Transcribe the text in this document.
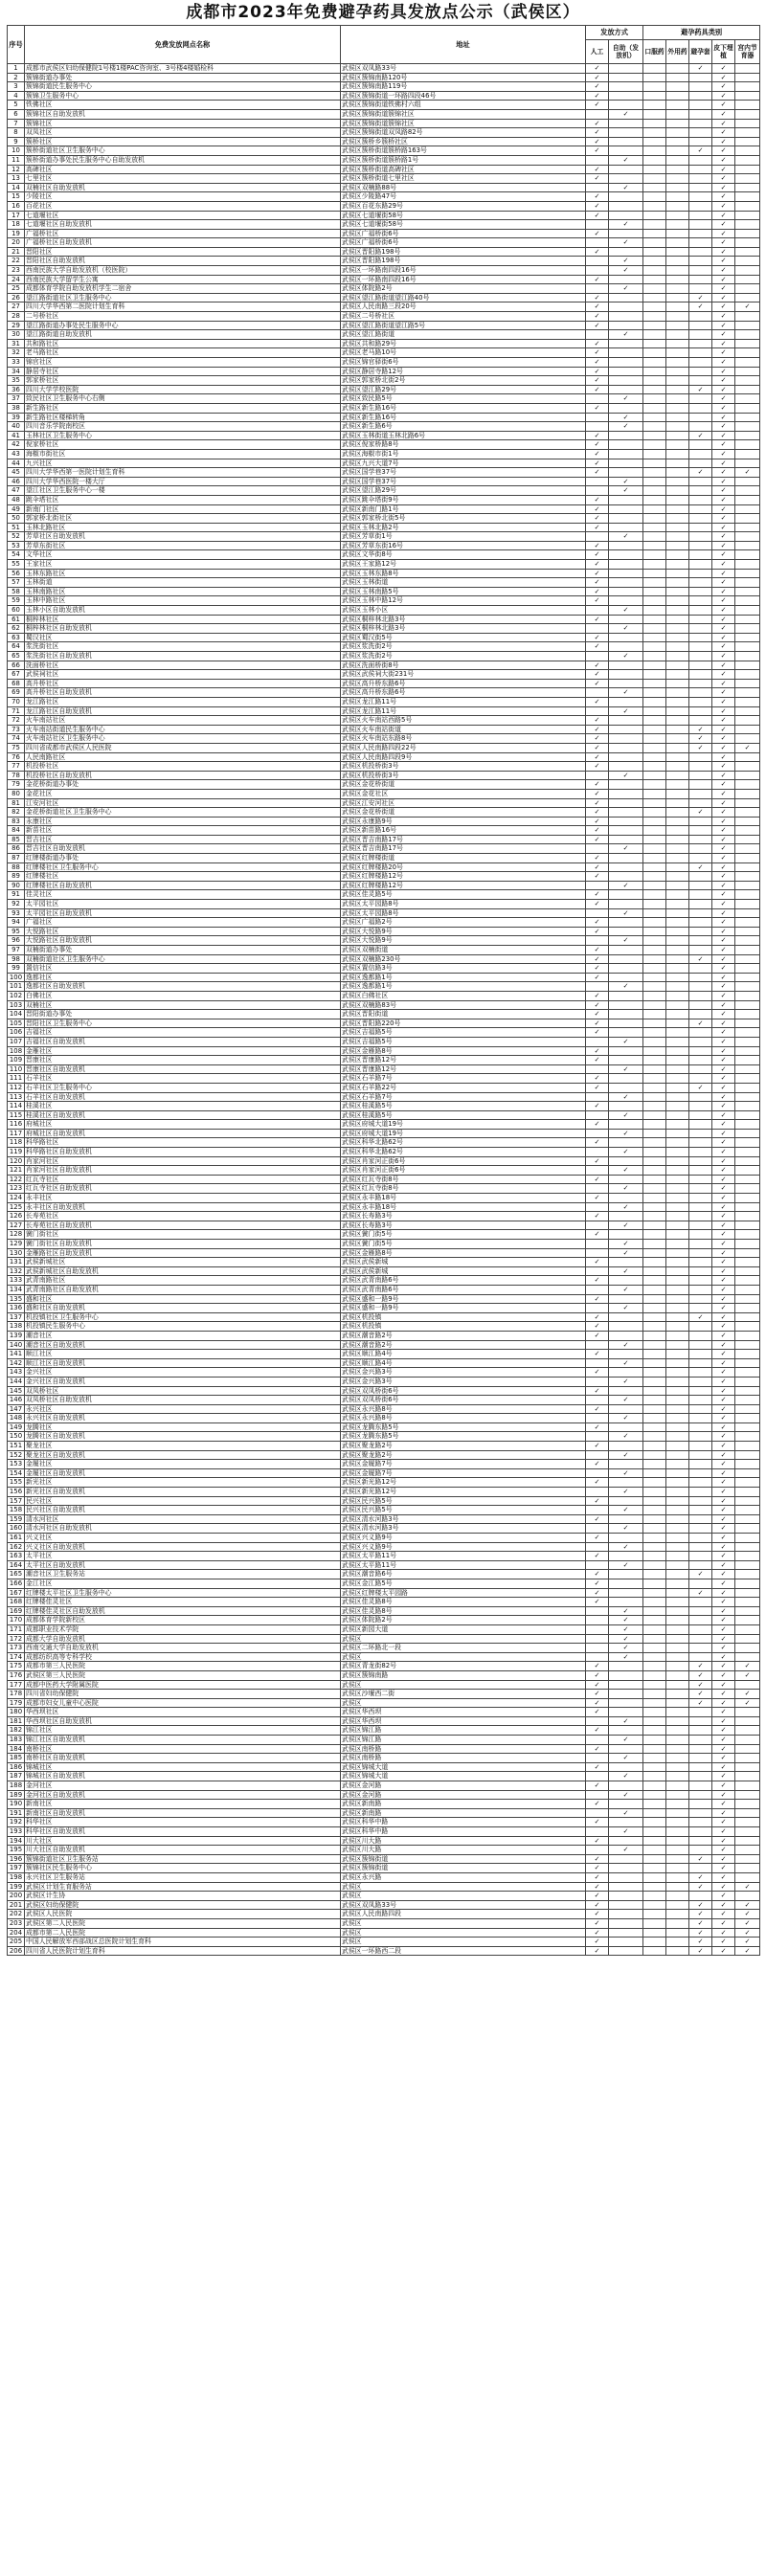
成都市2023年免费避孕药具发放点公示（武侯区）
序号	免费发放网点名称	地址	发放方式		避孕药具类别				
			人工	自助（发放机）	口服药	外用药	避孕套	皮下埋植	宫内节育器
1	成都市武侯区妇幼保健院1号楼1楼PAC咨询室、3号楼4楼婚检科	武侯区双凤路33号	✓				✓	✓	
2	簇锦街道办事处	武侯区簇锦南路120号	✓					✓	
3	簇锦街道民生服务中心	武侯区簇锦南路119号	✓					✓	
4	簇锦卫生服务中心	武侯区簇锦街道一环路四段46号	✓					✓	
5	铁佛社区	武侯区簇锦街道铁佛村六组	✓					✓	
6	簇锦社区自助发放机	武侯区簇锦街道簇锦社区		✓				✓	
7	簇锦社区	武侯区簇锦街道簇锦社区	✓					✓	
8	双凤社区	武侯区簇锦街道双凤路82号	✓					✓	
9	簇桥社区	武侯区簇桥乡簇桥社区	✓					✓	
10	簇桥街道社区卫生服务中心	武侯区簇桥街道簇桥路163号	✓				✓	✓	
11	簇桥街道办事处民生服务中心自助发放机	武侯区簇桥街道簇桥路1号		✓				✓	
12	高碑社区	武侯区簇桥街道高碑社区	✓					✓	
13	七里社区	武侯区簇桥街道七里社区	✓					✓	
14	双楠社区自助发放机	武侯区双楠路88号		✓				✓	
15	少陵社区	武侯区少陵路47号	✓					✓	
16	百花社区	武侯区百花东路29号	✓					✓	
17	七道堰社区	武侯区七道堰街58号	✓					✓	
18	七道堰社区自助发放机	武侯区七道堰街58号		✓				✓	
19	广福桥社区	武侯区广福桥街6号	✓					✓	
20	广福桥社区自助发放机	武侯区广福桥街6号		✓				✓	
21	晋阳社区	武侯区晋阳路198号	✓					✓	
22	晋阳社区自助发放机	武侯区晋阳路198号		✓				✓	
23	西南民族大学自助发放机（校医院）	武侯区一环路南四段16号		✓				✓	
24	西南民族大学留学生公寓	武侯区一环路南四段16号	✓					✓	
25	成都体育学院自助发放机学生二宿舍	武侯区体院路2号		✓				✓	
26	望江路街道社区卫生服务中心	武侯区望江路街道望江路40号	✓				✓	✓	
27	四川大学华西第二医院计划生育科	武侯区人民南路三段20号	✓				✓	✓	✓
28	二号桥社区	武侯区二号桥社区	✓					✓	
29	望江路街道办事处民生服务中心	武侯区望江路街道望江路5号	✓					✓	
30	望江路街道自助发放机	武侯区望江路街道		✓				✓	
31	共和路社区	武侯区共和路29号	✓					✓	
32	老马路社区	武侯区老马路10号	✓					✓	
33	锦官社区	武侯区锦官驿街6号	✓					✓	
34	静居寺社区	武侯区静居寺路12号	✓					✓	
35	郭家桥社区	武侯区郭家桥北街2号	✓					✓	
36	四川大学学校医院	武侯区望江路29号	✓				✓	✓	
37	致民社区卫生服务中心右侧	武侯区致民路5号		✓				✓	
38	新生路社区	武侯区新生路16号	✓					✓	
39	新生路社区楼梯转角	武侯区新生路16号		✓				✓	
40	四川音乐学院南校区	武侯区新生路6号		✓				✓	
41	玉林社区卫生服务中心	武侯区玉林街道玉林北路6号	✓				✓	✓	
42	倪家桥社区	武侯区倪家桥路8号	✓					✓	
43	海椒市街社区	武侯区海椒市街1号	✓					✓	
44	九兴社区	武侯区九兴大道7号	✓					✓	
45	四川大学华西第一医院计划生育科	武侯区国学巷37号	✓				✓	✓	✓
46	四川大学华西医院一楼大厅	武侯区国学巷37号		✓				✓	
47	望江社区卫生服务中心一楼	武侯区望江路29号		✓				✓	
48	跳伞塔社区	武侯区跳伞塔街9号	✓					✓	
49	新南门社区	武侯区新南门路1号	✓					✓	
50	郭家桥北街社区	武侯区郭家桥北街5号	✓					✓	
51	玉林北路社区	武侯区玉林北路2号	✓					✓	
52	芳草社区自助发放机	武侯区芳草街1号		✓				✓	
53	芳草东街社区	武侯区芳草东街16号	✓					✓	
54	文华社区	武侯区文华街8号	✓					✓	
55	王家社区	武侯区王家路12号	✓					✓	
56	玉林东路社区	武侯区玉林东路8号	✓					✓	
57	玉林街道	武侯区玉林街道	✓					✓	
58	玉林南路社区	武侯区玉林南路5号	✓					✓	
59	玉林中路社区	武侯区玉林中路12号	✓					✓	
60	玉林小区自助发放机	武侯区玉林小区		✓				✓	
61	桐梓林社区	武侯区桐梓林北路3号	✓					✓	
62	桐梓林社区自助发放机	武侯区桐梓林北路3号		✓				✓	
63	蜀汉社区	武侯区蜀汉街5号	✓					✓	
64	浆洗街社区	武侯区浆洗街2号	✓					✓	
65	浆洗街社区自助发放机	武侯区浆洗街2号		✓				✓	
66	洗面桥社区	武侯区洗面桥街8号	✓					✓	
67	武侯祠社区	武侯区武侯祠大街231号	✓					✓	
68	高升桥社区	武侯区高升桥东路6号	✓					✓	
69	高升桥社区自助发放机	武侯区高升桥东路6号		✓				✓	
70	龙江路社区	武侯区龙江路11号	✓					✓	
71	龙江路社区自助发放机	武侯区龙江路11号		✓				✓	
72	火车南站社区	武侯区火车南站西路5号	✓					✓	
73	火车南站街道民生服务中心	武侯区火车南站街道	✓				✓	✓	
74	火车南站社区卫生服务中心	武侯区火车南站东路8号	✓				✓	✓	
75	四川省成都市武侯区人民医院	武侯区人民南路四段22号	✓				✓	✓	✓
76	人民南路社区	武侯区人民南路四段9号	✓					✓	
77	机投桥社区	武侯区机投桥街3号	✓					✓	
78	机投桥社区自助发放机	武侯区机投桥街3号		✓				✓	
79	金花桥街道办事处	武侯区金花桥街道	✓					✓	
80	金花社区	武侯区金花社区	✓					✓	
81	江安河社区	武侯区江安河社区	✓					✓	
82	金花桥街道社区卫生服务中心	武侯区金花桥街道	✓				✓	✓	
83	永康社区	武侯区永康路9号	✓					✓	
84	新苗社区	武侯区新苗路16号	✓					✓	
85	晋吉社区	武侯区晋吉南路17号	✓					✓	
86	晋吉社区自助发放机	武侯区晋吉南路17号		✓				✓	
87	红牌楼街道办事处	武侯区红牌楼街道	✓					✓	
88	红牌楼社区卫生服务中心	武侯区红牌楼路20号	✓				✓	✓	
89	红牌楼社区	武侯区红牌楼路12号	✓					✓	
90	红牌楼社区自助发放机	武侯区红牌楼路12号		✓				✓	
91	佳灵社区	武侯区佳灵路5号	✓					✓	
92	太平园社区	武侯区太平园路8号	✓					✓	
93	太平园社区自助发放机	武侯区太平园路8号		✓				✓	
94	广福社区	武侯区广福路2号	✓					✓	
95	大悦路社区	武侯区大悦路9号	✓					✓	
96	大悦路社区自助发放机	武侯区大悦路9号		✓				✓	
97	双楠街道办事处	武侯区双楠街道	✓					✓	
98	双楠街道社区卫生服务中心	武侯区双楠路230号	✓				✓	✓	
99	置信社区	武侯区置信路3号	✓					✓	
100	逸都社区	武侯区逸都路1号	✓					✓	
101	逸都社区自助发放机	武侯区逸都路1号		✓				✓	
102	白佛社区	武侯区白佛社区	✓					✓	
103	双楠社区	武侯区双楠路83号	✓					✓	
104	晋阳街道办事处	武侯区晋阳街道	✓					✓	
105	晋阳社区卫生服务中心	武侯区晋阳路220号	✓				✓	✓	
106	吉福社区	武侯区吉福路5号	✓					✓	
107	吉福社区自助发放机	武侯区吉福路5号		✓				✓	
108	金雁社区	武侯区金雁路8号	✓					✓	
109	晋康社区	武侯区晋康路12号	✓					✓	
110	晋康社区自助发放机	武侯区晋康路12号		✓				✓	
111	石羊社区	武侯区石羊路7号	✓					✓	
112	石羊社区卫生服务中心	武侯区石羊路22号	✓				✓	✓	
113	石羊社区自助发放机	武侯区石羊路7号		✓				✓	
114	桂溪社区	武侯区桂溪路5号	✓					✓	
115	桂溪社区自助发放机	武侯区桂溪路5号		✓				✓	
116	府城社区	武侯区府城大道19号	✓					✓	
117	府城社区自助发放机	武侯区府城大道19号		✓				✓	
118	科华路社区	武侯区科华北路62号	✓					✓	
119	科华路社区自助发放机	武侯区科华北路62号		✓				✓	
120	肖家河社区	武侯区肖家河正街6号	✓					✓	
121	肖家河社区自助发放机	武侯区肖家河正街6号		✓				✓	
122	红瓦寺社区	武侯区红瓦寺街8号	✓					✓	
123	红瓦寺社区自助发放机	武侯区红瓦寺街8号		✓				✓	
124	永丰社区	武侯区永丰路18号	✓					✓	
125	永丰社区自助发放机	武侯区永丰路18号		✓				✓	
126	长寿苑社区	武侯区长寿路3号	✓					✓	
127	长寿苑社区自助发放机	武侯区长寿路3号		✓				✓	
128	黉门街社区	武侯区黉门街5号	✓					✓	
129	黉门街社区自助发放机	武侯区黉门街5号		✓				✓	
130	金雁路社区自助发放机	武侯区金雁路8号		✓				✓	
131	武侯新城社区	武侯区武侯新城	✓					✓	
132	武侯新城社区自助发放机	武侯区武侯新城		✓				✓	
133	武青南路社区	武侯区武青南路6号	✓					✓	
134	武青南路社区自助发放机	武侯区武青南路6号		✓				✓	
135	盛和社区	武侯区盛和一路9号	✓					✓	
136	盛和社区自助发放机	武侯区盛和一路9号		✓				✓	
137	机投镇社区卫生服务中心	武侯区机投镇	✓				✓	✓	
138	机投镇民生服务中心	武侯区机投镇	✓					✓	
139	潮音社区	武侯区潮音路2号	✓					✓	
140	潮音社区自助发放机	武侯区潮音路2号		✓				✓	
141	顺江社区	武侯区顺江路4号	✓					✓	
142	顺江社区自助发放机	武侯区顺江路4号		✓				✓	
143	金兴社区	武侯区金兴路3号	✓					✓	
144	金兴社区自助发放机	武侯区金兴路3号		✓				✓	
145	双凤桥社区	武侯区双凤桥街6号	✓					✓	
146	双凤桥社区自助发放机	武侯区双凤桥街6号		✓				✓	
147	永兴社区	武侯区永兴路8号	✓					✓	
148	永兴社区自助发放机	武侯区永兴路8号		✓				✓	
149	龙腾社区	武侯区龙腾东路5号	✓					✓	
150	龙腾社区自助发放机	武侯区龙腾东路5号		✓				✓	
151	聚龙社区	武侯区聚龙路2号	✓					✓	
152	聚龙社区自助发放机	武侯区聚龙路2号		✓				✓	
153	金履社区	武侯区金履路7号	✓					✓	
154	金履社区自助发放机	武侯区金履路7号		✓				✓	
155	新光社区	武侯区新光路12号	✓					✓	
156	新光社区自助发放机	武侯区新光路12号		✓				✓	
157	民兴社区	武侯区民兴路5号	✓					✓	
158	民兴社区自助发放机	武侯区民兴路5号		✓				✓	
159	清水河社区	武侯区清水河路3号	✓					✓	
160	清水河社区自助发放机	武侯区清水河路3号		✓				✓	
161	兴义社区	武侯区兴义路9号	✓					✓	
162	兴义社区自助发放机	武侯区兴义路9号		✓				✓	
163	太平社区	武侯区太平路11号	✓					✓	
164	太平社区自助发放机	武侯区太平路11号		✓				✓	
165	潮音社区卫生服务站	武侯区潮音路6号	✓				✓	✓	
166	金江社区	武侯区金江路5号	✓					✓	
167	红牌楼太平社区卫生服务中心	武侯区红牌楼太平园路	✓				✓	✓	
168	红牌楼佳灵社区	武侯区佳灵路8号	✓					✓	
169	红牌楼佳灵社区自助发放机	武侯区佳灵路8号		✓				✓	
170	成都体育学院新校区	武侯区体院路2号		✓				✓	
171	成都职业技术学院	武侯区新园大道		✓				✓	
172	成都大学自助发放机	武侯区		✓				✓	
173	西南交通大学自助发放机	武侯区二环路北一段		✓				✓	
174	成都纺织高等专科学校	武侯区		✓				✓	
175	成都市第三人民医院	武侯区青龙街82号	✓				✓	✓	✓
176	武侯区第三人民医院	武侯区簇锦南路	✓				✓	✓	✓
177	成都中医药大学附属医院	武侯区	✓				✓	✓	
178	四川省妇幼保健院	武侯区沙堰西二街	✓				✓	✓	✓
179	成都市妇女儿童中心医院	武侯区	✓				✓	✓	✓
180	华西坝社区	武侯区华西坝	✓					✓	
181	华西坝社区自助发放机	武侯区华西坝		✓				✓	
182	锦江社区	武侯区锦江路	✓					✓	
183	锦江社区自助发放机	武侯区锦江路		✓				✓	
184	南桥社区	武侯区南桥路	✓					✓	
185	南桥社区自助发放机	武侯区南桥路		✓				✓	
186	锦城社区	武侯区锦城大道	✓					✓	
187	锦城社区自助发放机	武侯区锦城大道		✓				✓	
188	金河社区	武侯区金河路	✓					✓	
189	金河社区自助发放机	武侯区金河路		✓				✓	
190	新南社区	武侯区新南路	✓					✓	
191	新南社区自助发放机	武侯区新南路		✓				✓	
192	科华社区	武侯区科华中路	✓					✓	
193	科华社区自助发放机	武侯区科华中路		✓				✓	
194	川大社区	武侯区川大路	✓					✓	
195	川大社区自助发放机	武侯区川大路		✓				✓	
196	簇锦街道社区卫生服务站	武侯区簇锦街道	✓				✓	✓	
197	簇锦社区民生服务中心	武侯区簇锦街道	✓					✓	
198	永兴社区卫生服务站	武侯区永兴路	✓				✓	✓	
199	武侯区计划生育服务站	武侯区	✓				✓	✓	✓
200	武侯区计生协	武侯区	✓					✓	
201	武侯区妇幼保健院	武侯区双凤路33号	✓				✓	✓	✓
202	武侯区人民医院	武侯区人民南路四段	✓				✓	✓	✓
203	武侯区第二人民医院	武侯区	✓				✓	✓	✓
204	成都市第二人民医院	武侯区	✓				✓	✓	✓
205	中国人民解放军西部战区总医院计划生育科	武侯区	✓				✓	✓	✓
206	四川省人民医院计划生育科	武侯区一环路西二段	✓				✓	✓	✓
